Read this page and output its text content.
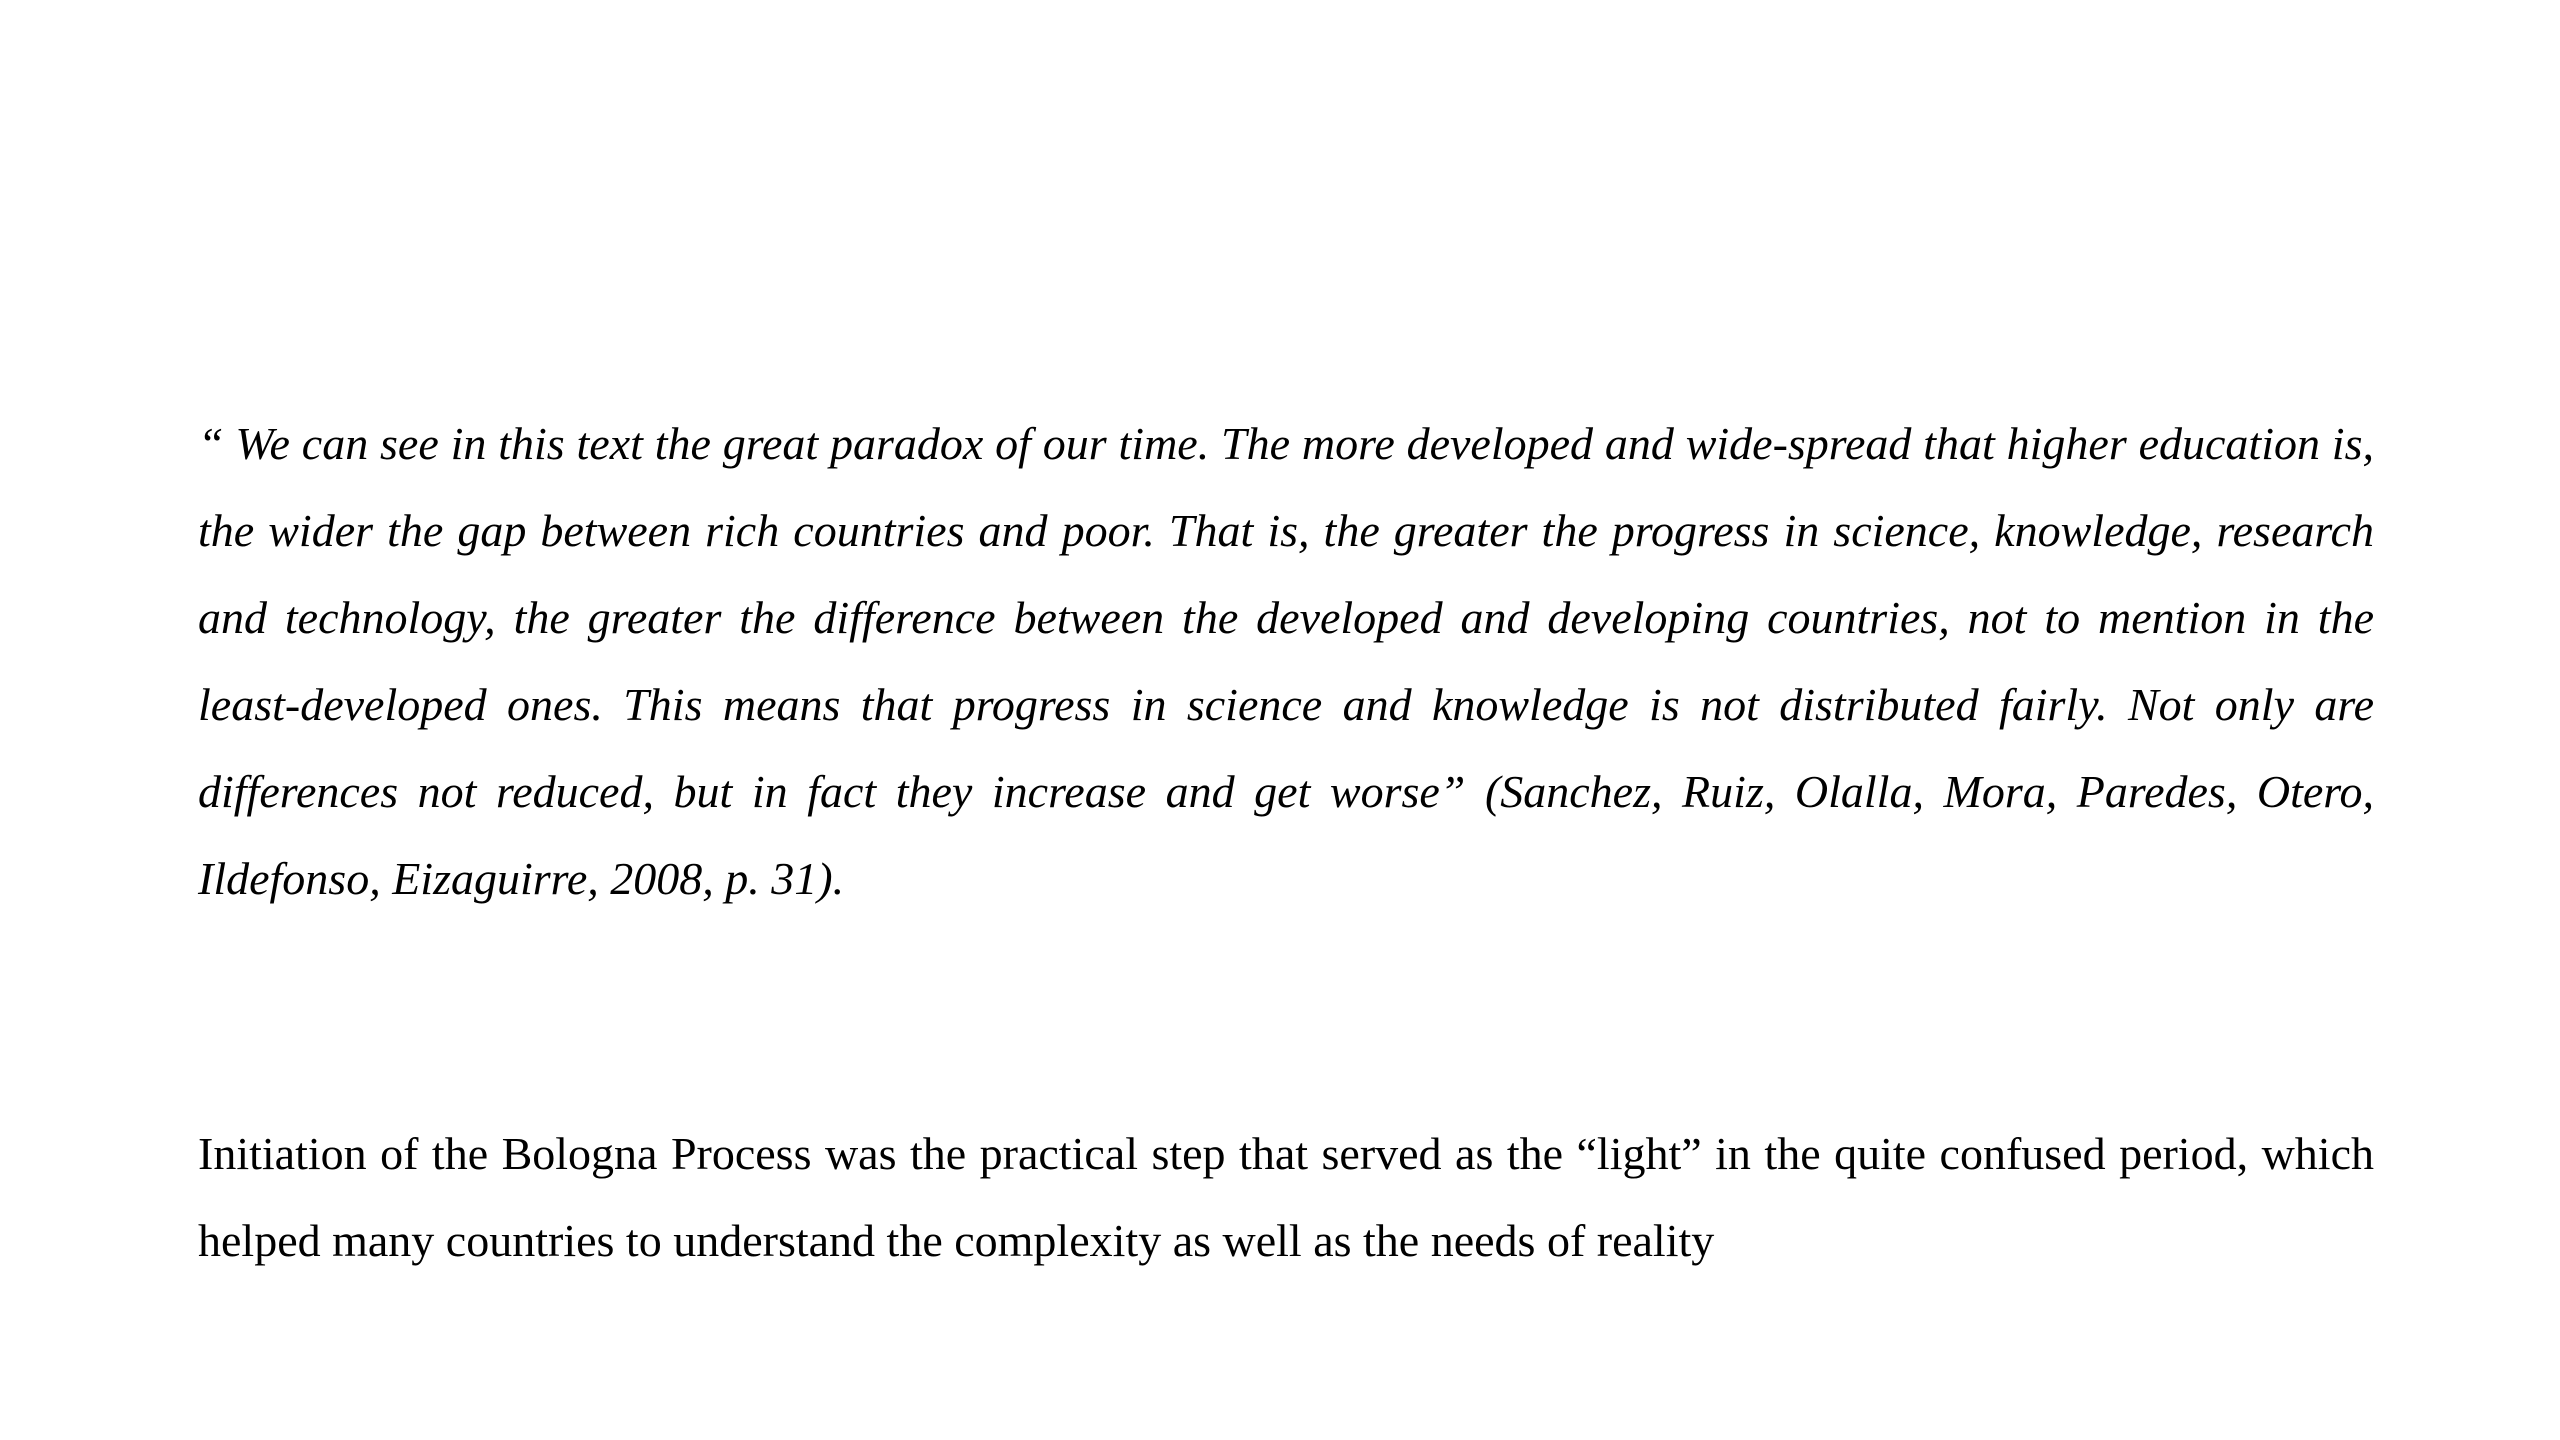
“ We can see in this text the great paradox of our time. The more developed and wide-spread that higher education is, the wider the gap between rich countries and poor. That is, the greater the progress in science, knowledge, research and technology, the greater the difference between the developed and developing countries, not to mention in the least-developed ones. This means that progress in science and knowledge is not distributed fairly. Not only are differences not reduced, but in fact they increase and get worse” (Sanchez, Ruiz, Olalla, Mora, Paredes, Otero, Ildefonso, Eizaguirre, 2008, p. 31).

Initiation of the Bologna Process was the practical step that served as the “light” in the quite confused period, which helped many countries to understand the complexity as well as the needs of reality
